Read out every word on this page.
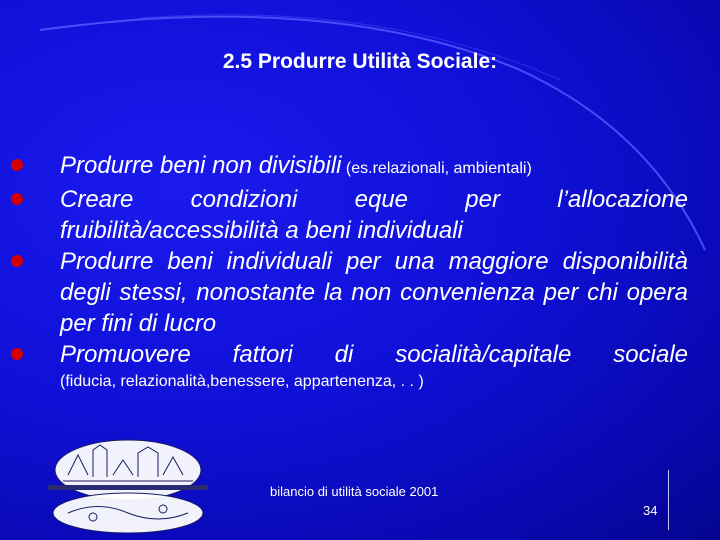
2.5 Produrre Utilità Sociale:
Produrre beni non divisibili (es.relazionali, ambientali)
Creare condizioni eque per l’allocazione fruibilità/accessibilità a beni individuali
Produrre beni individuali per una maggiore disponibilità degli stessi, nonostante la non convenienza per chi opera per fini di lucro
Promuovere fattori di socialità/capitale sociale
(fiducia, relazionalità,benessere, appartenenza, . . )
bilancio di utilità sociale 2001
34
